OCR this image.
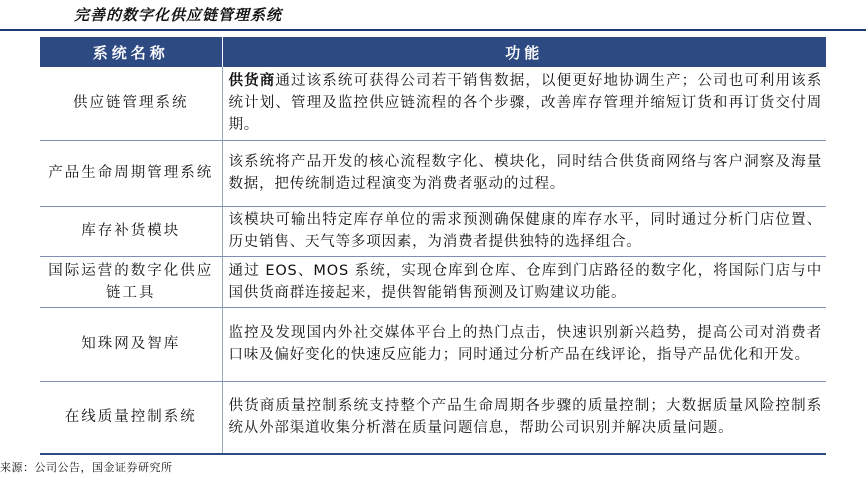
完善的数字化供应链管理系统
系统名称	功能
供应链管理系统	供货商通过该系统可获得公司若干销售数据，以便更好地协调生产；公司也可利用该系统计划、管理及监控供应链流程的各个步骤，改善库存管理并缩短订货和再订货交付周期。
产品生命周期管理系统	该系统将产品开发的核心流程数字化、模块化，同时结合供货商网络与客户洞察及海量数据，把传统制造过程演变为消费者驱动的过程。
库存补货模块	该模块可输出特定库存单位的需求预测确保健康的库存水平，同时通过分析门店位置、历史销售、天气等多项因素，为消费者提供独特的选择组合。
国际运营的数字化供应链工具	通过 EOS、MOS 系统，实现仓库到仓库、仓库到门店路径的数字化，将国际门店与中国供货商群连接起来，提供智能销售预测及订购建议功能。
知珠网及智库	监控及发现国内外社交媒体平台上的热门点击，快速识别新兴趋势，提高公司对消费者口味及偏好变化的快速反应能力；同时通过分析产品在线评论，指导产品优化和开发。
在线质量控制系统	供货商质量控制系统支持整个产品生命周期各步骤的质量控制；大数据质量风险控制系统从外部渠道收集分析潜在质量问题信息，帮助公司识别并解决质量问题。
来源：公司公告，国金证券研究所
